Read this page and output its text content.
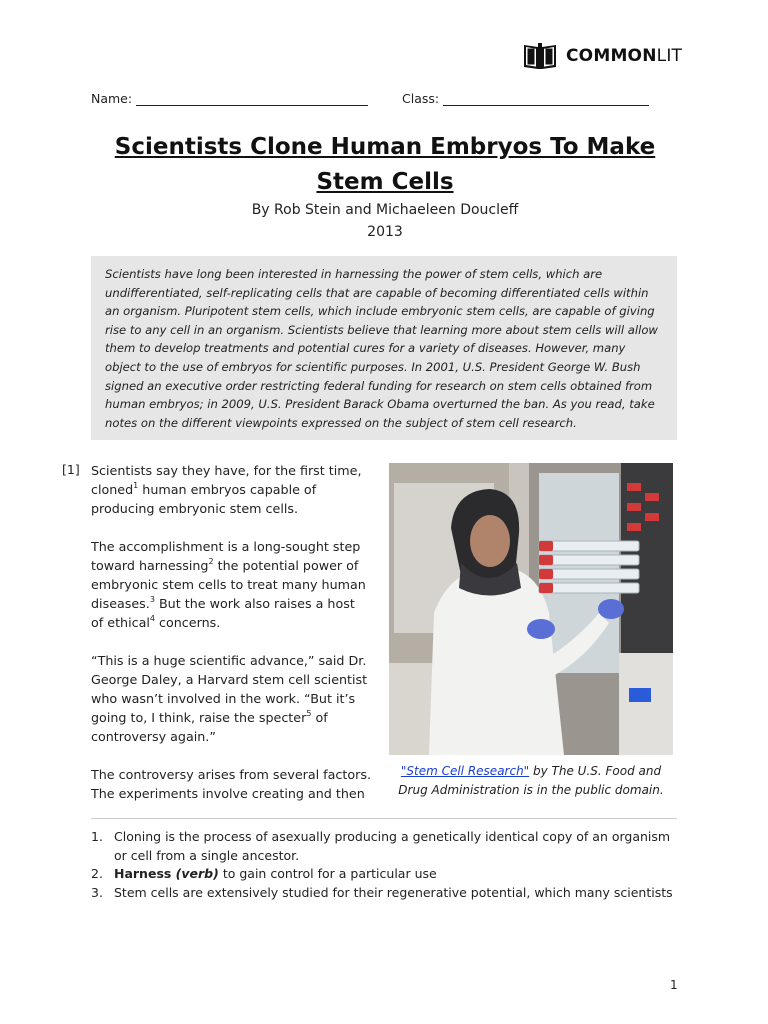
COMMONLIT
Name:	Class:
Scientists Clone Human Embryos To Make Stem Cells
By Rob Stein and Michaeleen Doucleff
2013
Scientists have long been interested in harnessing the power of stem cells, which are undifferentiated, self-replicating cells that are capable of becoming differentiated cells within an organism. Pluripotent stem cells, which include embryonic stem cells, are capable of giving rise to any cell in an organism. Scientists believe that learning more about stem cells will allow them to develop treatments and potential cures for a variety of diseases. However, many object to the use of embryos for scientific purposes. In 2001, U.S. President George W. Bush signed an executive order restricting federal funding for research on stem cells obtained from human embryos; in 2009, U.S. President Barack Obama overturned the ban. As you read, take notes on the different viewpoints expressed on the subject of stem cell research.
[1] Scientists say they have, for the first time, cloned$^1$ human embryos capable of producing embryonic stem cells.
The accomplishment is a long-sought step toward harnessing$^2$ the potential power of embryonic stem cells to treat many human diseases.$^3$ But the work also raises a host of ethical$^4$ concerns.
“This is a huge scientific advance,” said Dr. George Daley, a Harvard stem cell scientist who wasn’t involved in the work. “But it’s going to, I think, raise the specter$^5$ of controversy again.”
The controversy arises from several factors. The experiments involve creating and then
"Stem Cell Research" by The U.S. Food and Drug Administration is in the public domain.
1. Cloning is the process of asexually producing a genetically identical copy of an organism or cell from a single ancestor.
2. Harness (verb) to gain control for a particular use
3. Stem cells are extensively studied for their regenerative potential, which many scientists
1
